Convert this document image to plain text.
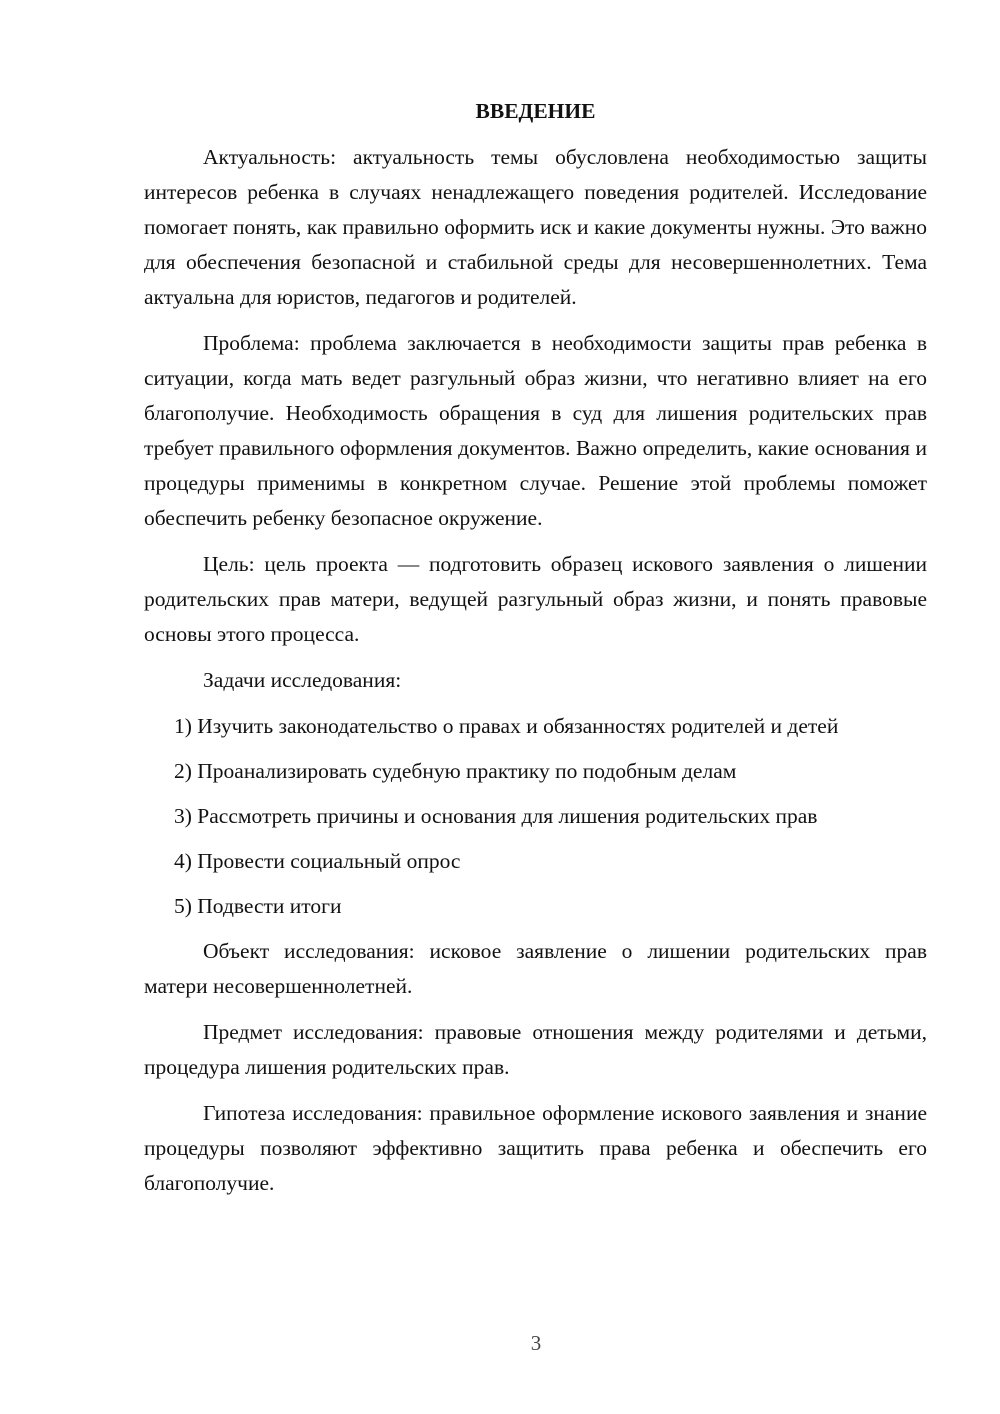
ВВЕДЕНИЕ

Актуальность: актуальность темы обусловлена необходимостью защиты интересов ребенка в случаях ненадлежащего поведения родителей. Исследование помогает понять, как правильно оформить иск и какие документы нужны. Это важно для обеспечения безопасной и стабильной среды для несовершеннолетних. Тема актуальна для юристов, педагогов и родителей.

Проблема: проблема заключается в необходимости защиты прав ребенка в ситуации, когда мать ведет разгульный образ жизни, что негативно влияет на его благополучие. Необходимость обращения в суд для лишения родительских прав требует правильного оформления документов. Важно определить, какие основания и процедуры применимы в конкретном случае. Решение этой проблемы поможет обеспечить ребенку безопасное окружение.

Цель: цель проекта — подготовить образец искового заявления о лишении родительских прав матери, ведущей разгульный образ жизни, и понять правовые основы этого процесса.

Задачи исследования:

1) Изучить законодательство о правах и обязанностях родителей и детей

2) Проанализировать судебную практику по подобным делам

3) Рассмотреть причины и основания для лишения родительских прав

4) Провести социальный опрос

5) Подвести итоги

Объект исследования: исковое заявление о лишении родительских прав матери несовершеннолетней.

Предмет исследования: правовые отношения между родителями и детьми, процедура лишения родительских прав.

Гипотеза исследования: правильное оформление искового заявления и знание процедуры позволяют эффективно защитить права ребенка и обеспечить его благополучие.

3
